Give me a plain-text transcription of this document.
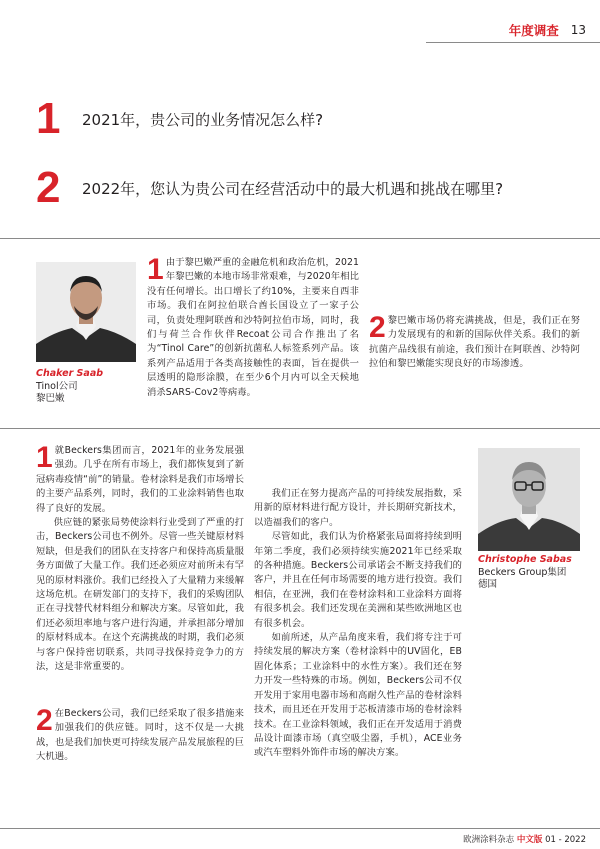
年度调查 13
1	2021年，贵公司的业务情况怎么样?
2	2022年，您认为贵公司在经营活动中的最大机遇和挑战在哪里?
Chaker Saab
Tinol公司
黎巴嫩

1 由于黎巴嫩严重的金融危机和政治危机，2021年黎巴嫩的本地市场非常艰难，与2020年相比没有任何增长。出口增长了约10%，主要来自西非市场。我们在阿拉伯联合酋长国设立了一家子公司，负责处理阿联酋和沙特阿拉伯市场，同时，我们与荷兰合作伙伴Recoat公司合作推出了名为“Tinol Care”的创新抗菌私人标签系列产品。该系列产品适用于各类高接触性的表面，旨在提供一层透明的隐形涂膜，在至少6个月内可以全天候地消杀SARS-Cov2等病毒。

2 黎巴嫩市场仍将充满挑战，但是，我们正在努力发展现有的和新的国际伙伴关系。我们的新抗菌产品线很有前途，我们预计在阿联酋、沙特阿拉伯和黎巴嫩能实现良好的市场渗透。

Christophe Sabas
Beckers Group集团
德国

1 就Beckers集团而言，2021年的业务发展强强劲。几乎在所有市场上，我们都恢复到了新冠病毒疫情“前”的销量。卷材涂料是我们市场增长的主要产品系列，同时，我们的工业涂料销售也取得了良好的发展。

供应链的紧张局势使涂料行业受到了严重的打击，Beckers公司也不例外。尽管一些关键原材料短缺，但是我们的团队在支持客户和保持高质量服务方面做了大量工作。我们还必须应对前所未有罕见的原材料涨价。我们已经投入了大量精力来缓解这场危机。在研发部门的支持下，我们的采购团队正在寻找替代材料组分和解决方案。尽管如此，我们还必须坦率地与客户进行沟通，并承担部分增加的原材料成本。在这个充满挑战的时期，我们必须与客户保持密切联系，共同寻找保持竞争力的方法，这是非常重要的。

2 在Beckers公司，我们已经采取了很多措施来加强我们的供应链。同时，这不仅是一大挑战，也是我们加快更可持续发展产品发展旅程的巨大机遇。

我们正在努力提高产品的可持续发展指数，采用新的原材料进行配方设计，并长期研究新技术，以造福我们的客户。

尽管如此，我们认为价格紧张局面将持续到明年第二季度，我们必须持续实施2021年已经采取的各种措施。Beckers公司承诺会不断支持我们的客户，并且在任何市场需要的地方进行投资。我们相信，在亚洲，我们在卷材涂料和工业涂料方面将有很多机会。我们还发现在美洲和某些欧洲地区也有很多机会。

如前所述，从产品角度来看，我们将专注于可持续发展的解决方案（卷材涂料中的UV固化，EB固化体系；工业涂料中的水性方案）。我们还在努力开发一些特殊的市场。例如，Beckers公司不仅开发用于家用电器市场和高耐久性产品的卷材涂料技术，而且还在开发用于芯板清漆市场的卷材涂料技术。在工业涂料领域，我们正在开发适用于消费品设计面漆市场（真空吸尘器，手机），ACE业务或汽车塑料外饰件市场的解决方案。

欧洲涂料杂志 中文版 01 - 2022
